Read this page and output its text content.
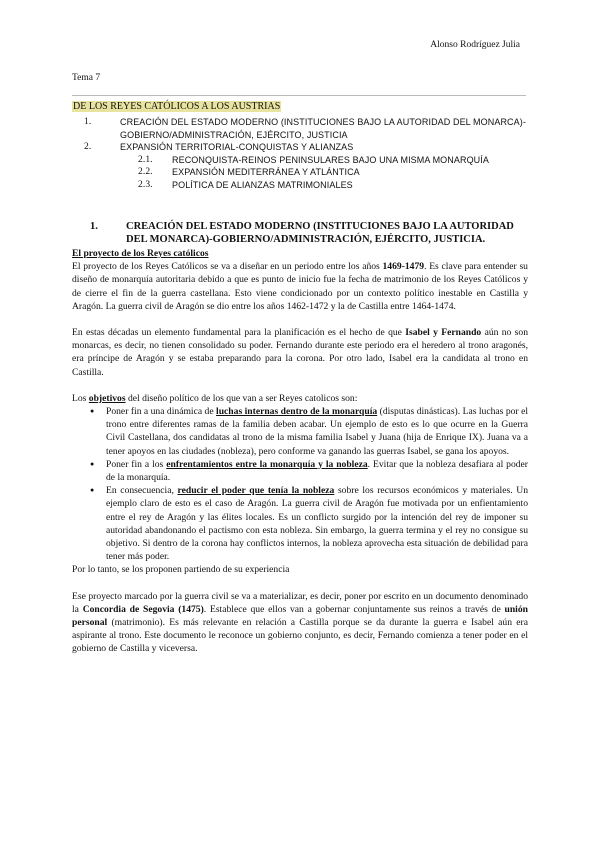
Alonso Rodríguez Julia
Tema 7
DE LOS REYES CATÓLICOS A LOS AUSTRIAS
1.	CREACIÓN DEL ESTADO MODERNO (INSTITUCIONES BAJO LA AUTORIDAD DEL MONARCA)-GOBIERNO/ADMINISTRACIÓN, EJÉRCITO, JUSTICIA
2.	EXPANSIÓN TERRITORIAL-CONQUISTAS Y ALIANZAS
2.1.	RECONQUISTA-REINOS PENINSULARES BAJO UNA MISMA MONARQUÍA
2.2.	EXPANSIÓN MEDITERRÁNEA Y ATLÁNTICA
2.3.	POLÍTICA DE ALIANZAS MATRIMONIALES
1.	CREACIÓN DEL ESTADO MODERNO (INSTITUCIONES BAJO LA AUTORIDAD DEL MONARCA)-GOBIERNO/ADMINISTRACIÓN, EJÉRCITO, JUSTICIA.

El proyecto de los Reyes católicos

El proyecto de los Reyes Católicos se va a diseñar en un periodo entre los años 1469-1479. Es clave para entender su diseño de monarquía autoritaria debido a que es punto de inicio fue la fecha de matrimonio de los Reyes Católicos y de cierre el fin de la guerra castellana. Esto viene condicionado por un contexto político inestable en Castilla y Aragón. La guerra civil de Aragón se dio entre los años 1462-1472 y la de Castilla entre 1464-1474.

En estas décadas un elemento fundamental para la planificación es el hecho de que Isabel y Fernando aún no son monarcas, es decir, no tienen consolidado su poder. Fernando durante este periodo era el heredero al trono aragonés, era príncipe de Aragón y se estaba preparando para la corona. Por otro lado, Isabel era la candidata al trono en Castilla.

Los objetivos del diseño político de los que van a ser Reyes catolicos son:

● Poner fin a una dinámica de luchas internas dentro de la monarquía (disputas dinásticas). Las luchas por el trono entre diferentes ramas de la familia deben acabar. Un ejemplo de esto es lo que ocurre en la Guerra Civil Castellana, dos candidatas al trono de la misma familia Isabel y Juana (hija de Enrique IX). Juana va a tener apoyos en las ciudades (nobleza), pero conforme va ganando las guerras Isabel, se gana los apoyos.
● Poner fin a los enfrentamientos entre la monarquía y la nobleza. Evitar que la nobleza desafiara al poder de la monarquía.
● En consecuencia, reducir el poder que tenía la nobleza sobre los recursos económicos y materiales. Un ejemplo claro de esto es el caso de Aragón. La guerra civil de Aragón fue motivada por un enfientamiento entre el rey de Aragón y las élites locales. Es un conflicto surgido por la intención del rey de imponer su autoridad abandonando el pactismo con esta nobleza. Sin embargo, la guerra termina y el rey no consigue su objetivo. Si dentro de la corona hay conflictos internos, la nobleza aprovecha esta situación de debilidad para tener más poder.

Por lo tanto, se los proponen partiendo de su experiencia

Ese proyecto marcado por la guerra civil se va a materializar, es decir, poner por escrito en un documento denominado la Concordia de Segovia (1475). Establece que ellos van a gobernar conjuntamente sus reinos a través de unión personal (matrimonio). Es más relevante en relación a Castilla porque se da durante la guerra e Isabel aún era aspirante al trono. Este documento le reconoce un gobierno conjunto, es decir, Fernando comienza a tener poder en el gobierno de Castilla y viceversa.
